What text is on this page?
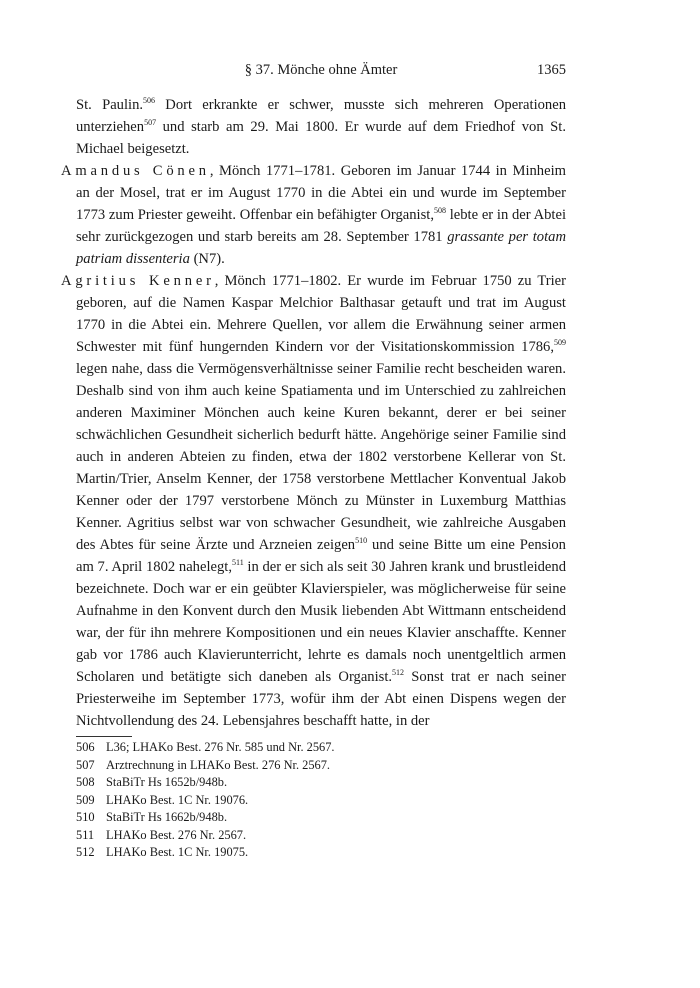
§ 37. Mönche ohne Ämter	1365

St. Paulin.$^{506}$ Dort erkrankte er schwer, musste sich mehreren Operationen unterziehen$^{507}$ und starb am 29. Mai 1800. Er wurde auf dem Friedhof von St. Michael beigesetzt.

Amandus Cönen, Mönch 1771–1781. Geboren im Januar 1744 in Minheim an der Mosel, trat er im August 1770 in die Abtei ein und wurde im September 1773 zum Priester geweiht. Offenbar ein befähigter Organist,$^{508}$ lebte er in der Abtei sehr zurückgezogen und starb bereits am 28. September 1781 grassante per totam patriam dissenteria (N7).

Agritius Kenner, Mönch 1771–1802. Er wurde im Februar 1750 zu Trier geboren, auf die Namen Kaspar Melchior Balthasar getauft und trat im August 1770 in die Abtei ein. Mehrere Quellen, vor allem die Erwähnung seiner armen Schwester mit fünf hungernden Kindern vor der Visitationskommission 1786,$^{509}$ legen nahe, dass die Vermögensverhältnisse seiner Familie recht bescheiden waren. Deshalb sind von ihm auch keine Spatiamenta und im Unterschied zu zahlreichen anderen Maximiner Mönchen auch keine Kuren bekannt, derer er bei seiner schwächlichen Gesundheit sicherlich bedurft hätte. Angehörige seiner Familie sind auch in anderen Abteien zu finden, etwa der 1802 verstorbene Kellerar von St. Martin/Trier, Anselm Kenner, der 1758 verstorbene Mettlacher Konventual Jakob Kenner oder der 1797 verstorbene Mönch zu Münster in Luxemburg Matthias Kenner. Agritius selbst war von schwacher Gesundheit, wie zahlreiche Ausgaben des Abtes für seine Ärzte und Arzneien zeigen$^{510}$ und seine Bitte um eine Pension am 7. April 1802 nahelegt,$^{511}$ in der er sich als seit 30 Jahren krank und brustleidend bezeichnete. Doch war er ein geübter Klavierspieler, was möglicherweise für seine Aufnahme in den Konvent durch den Musik liebenden Abt Wittmann entscheidend war, der für ihn mehrere Kompositionen und ein neues Klavier anschaffte. Kenner gab vor 1786 auch Klavierunterricht, lehrte es damals noch unentgeltlich armen Scholaren und betätigte sich daneben als Organist.$^{512}$ Sonst trat er nach seiner Priesterweihe im September 1773, wofür ihm der Abt einen Dispens wegen der Nichtvollendung des 24. Lebensjahres beschafft hatte, in der

506 L36; LHAKo Best. 276 Nr. 585 und Nr. 2567.
507 Arztrechnung in LHAKo Best. 276 Nr. 2567.
508 StaBiTr Hs 1652b/948b.
509 LHAKo Best. 1C Nr. 19076.
510 StaBiTr Hs 1662b/948b.
511 LHAKo Best. 276 Nr. 2567.
512 LHAKo Best. 1C Nr. 19075.
